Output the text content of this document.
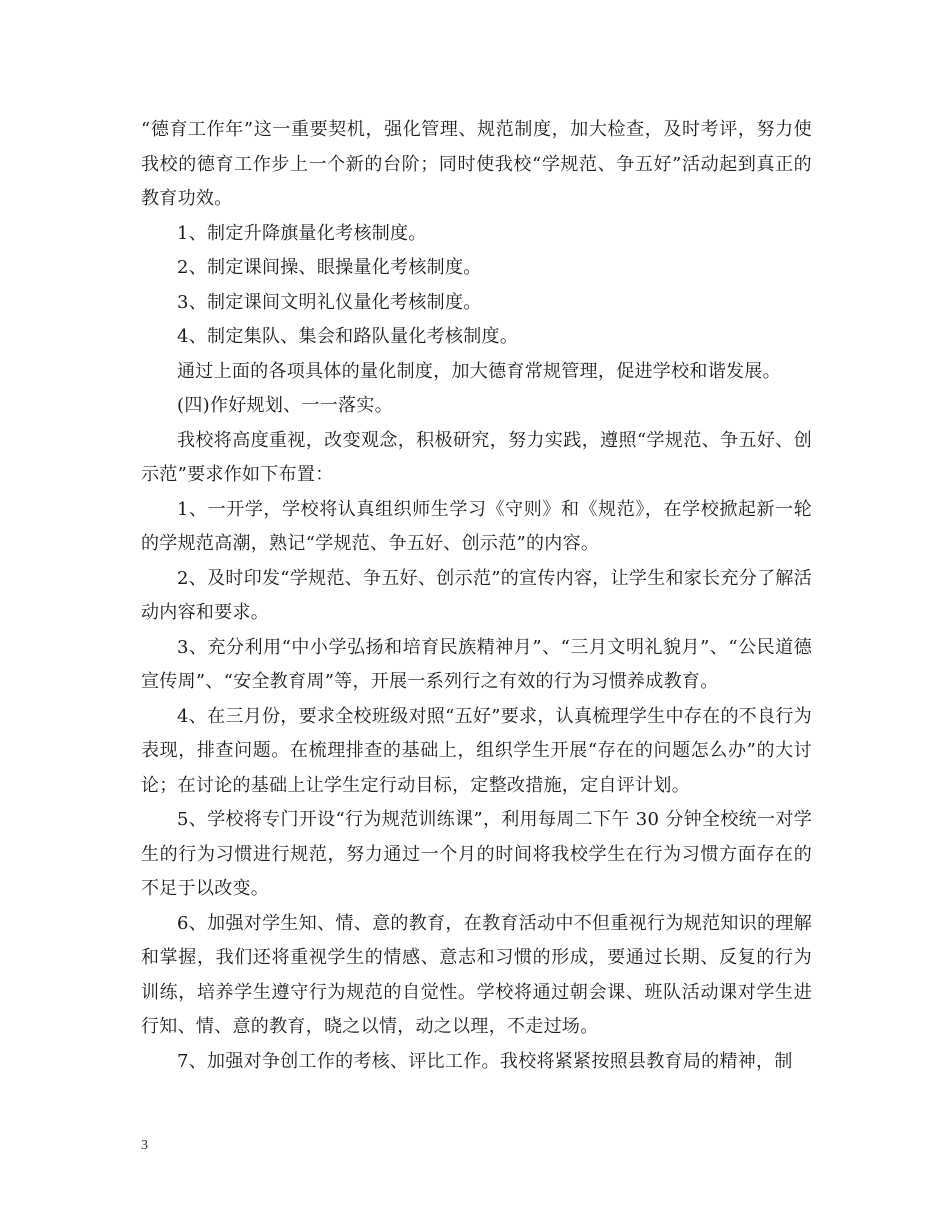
“德育工作年”这一重要契机，强化管理、规范制度，加大检查，及时考评，努力使我校的德育工作步上一个新的台阶；同时使我校“学规范、争五好”活动起到真正的教育功效。

1、制定升降旗量化考核制度。

2、制定课间操、眼操量化考核制度。

3、制定课间文明礼仪量化考核制度。

4、制定集队、集会和路队量化考核制度。

通过上面的各项具体的量化制度，加大德育常规管理，促进学校和谐发展。

(四)作好规划、一一落实。

我校将高度重视，改变观念，积极研究，努力实践，遵照“学规范、争五好、创示范”要求作如下布置：

1、一开学，学校将认真组织师生学习《守则》和《规范》，在学校掀起新一轮的学规范高潮，熟记“学规范、争五好、创示范”的内容。

2、及时印发“学规范、争五好、创示范”的宣传内容，让学生和家长充分了解活动内容和要求。

3、充分利用“中小学弘扬和培育民族精神月”、“三月文明礼貌月”、“公民道德宣传周”、“安全教育周”等，开展一系列行之有效的行为习惯养成教育。

4、在三月份，要求全校班级对照“五好”要求，认真梳理学生中存在的不良行为表现，排查问题。在梳理排查的基础上，组织学生开展“存在的问题怎么办”的大讨论；在讨论的基础上让学生定行动目标，定整改措施，定自评计划。

5、学校将专门开设“行为规范训练课”，利用每周二下午 30 分钟全校统一对学生的行为习惯进行规范，努力通过一个月的时间将我校学生在行为习惯方面存在的不足于以改变。

6、加强对学生知、情、意的教育，在教育活动中不但重视行为规范知识的理解和掌握，我们还将重视学生的情感、意志和习惯的形成，要通过长期、反复的行为训练，培养学生遵守行为规范的自觉性。学校将通过朝会课、班队活动课对学生进行知、情、意的教育，晓之以情，动之以理，不走过场。

7、加强对争创工作的考核、评比工作。我校将紧紧按照县教育局的精神，制

3
